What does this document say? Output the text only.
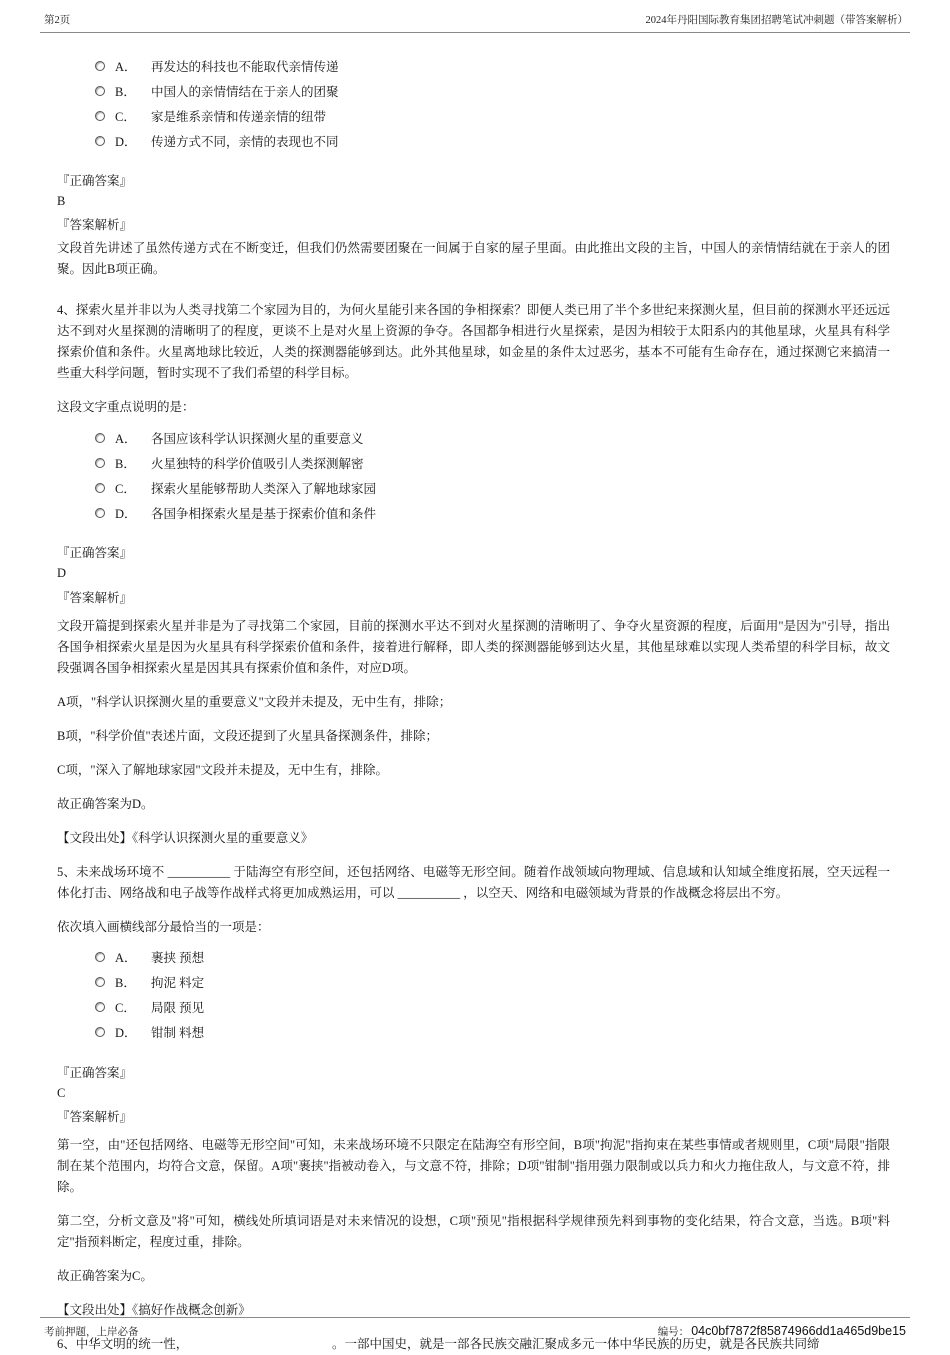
第2页	2024年丹阳国际教育集团招聘笔试冲刺题（带答案解析）
A．	再发达的科技也不能取代亲情传递
B．	中国人的亲情情结在于亲人的团聚
C．	家是维系亲情和传递亲情的纽带
D．	传递方式不同，亲情的表现也不同
『正确答案』
B
『答案解析』

文段首先讲述了虽然传递方式在不断变迁，但我们仍然需要团聚在一间属于自家的屋子里面。由此推出文段的主旨，中国人的亲情情结就在于亲人的团聚。因此B项正确。

4、探索火星并非以为人类寻找第二个家园为目的，为何火星能引来各国的争相探索？即便人类已用了半个多世纪来探测火星，但目前的探测水平还远远达不到对火星探测的清晰明了的程度，更谈不上是对火星上资源的争夺。各国都争相进行火星探索，是因为相较于太阳系内的其他星球，火星具有科学探索价值和条件。火星离地球比较近，人类的探测器能够到达。此外其他星球，如金星的条件太过恶劣，基本不可能有生命存在，通过探测它来搞清一些重大科学问题，暂时实现不了我们希望的科学目标。

这段文字重点说明的是：

A．	各国应该科学认识探测火星的重要意义
B．	火星独特的科学价值吸引人类探测解密
C．	探索火星能够帮助人类深入了解地球家园
D．	各国争相探索火星是基于探索价值和条件
『正确答案』
D
『答案解析』

文段开篇提到探索火星并非是为了寻找第二个家园，目前的探测水平达不到对火星探测的清晰明了、争夺火星资源的程度，后面用"是因为"引导，指出各国争相探索火星是因为火星具有科学探索价值和条件，接着进行解释，即人类的探测器能够到达火星，其他星球难以实现人类希望的科学目标，故文段强调各国争相探索火星是因其具有探索价值和条件，对应D项。

A项，"科学认识探测火星的重要意义"文段并未提及，无中生有，排除；

B项，"科学价值"表述片面，文段还提到了火星具备探测条件，排除；

C项，"深入了解地球家园"文段并未提及，无中生有，排除。

故正确答案为D。

【文段出处】《科学认识探测火星的重要意义》

5、未来战场环境不 __________ 于陆海空有形空间，还包括网络、电磁等无形空间。随着作战领域向物理域、信息域和认知域全维度拓展，空天远程一体化打击、网络战和电子战等作战样式将更加成熟运用，可以 __________ ，以空天、网络和电磁领域为背景的作战概念将层出不穷。

依次填入画横线部分最恰当的一项是：

A．	裹挟 预想
B．	拘泥 料定
C．	局限 预见
D．	钳制 料想
『正确答案』
C
『答案解析』

第一空，由"还包括网络、电磁等无形空间"可知，未来战场环境不只限定在陆海空有形空间，B项"拘泥"指拘束在某些事情或者规则里，C项"局限"指限制在某个范围内，均符合文意，保留。A项"裹挟"指被动卷入，与文意不符，排除；D项"钳制"指用强力限制或以兵力和火力拖住敌人，与文意不符，排除。

第二空，分析文意及"将"可知，横线处所填词语是对未来情况的设想，C项"预见"指根据科学规律预先料到事物的变化结果，符合文意，当选。B项"料定"指预料断定，程度过重，排除。

故正确答案为C。

【文段出处】《搞好作战概念创新》

6、中华文明的统一性，　　　　　　　　　　　　。一部中国史，就是一部各民族交融汇聚成多元一体中华民族的历史，就是各民族共同缔

考前押题，上岸必备	编号： 04c0bf7872f85874966dd1a465d9be15
